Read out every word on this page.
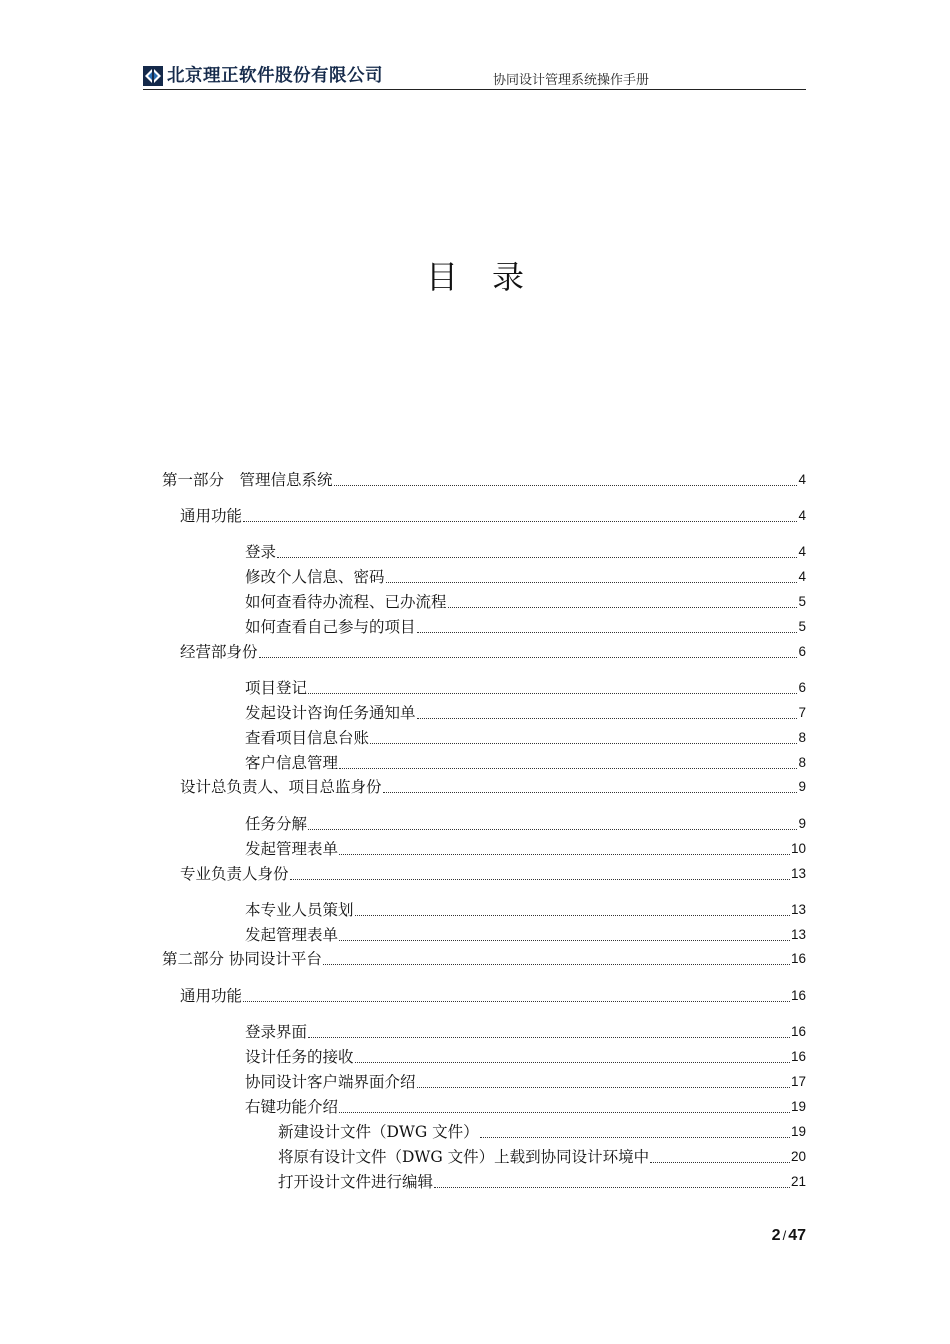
北京理正软件股份有限公司	协同设计管理系统操作手册
目录
第一部分　管理信息系统	4
通用功能	4
登录	4
修改个人信息、密码	4
如何查看待办流程、已办流程	5
如何查看自己参与的项目	5
经营部身份	6
项目登记	6
发起设计咨询任务通知单	7
查看项目信息台账	8
客户信息管理	8
设计总负责人、项目总监身份	9
任务分解	9
发起管理表单	10
专业负责人身份	13
本专业人员策划	13
发起管理表单	13
第二部分 协同设计平台	16
通用功能	16
登录界面	16
设计任务的接收	16
协同设计客户端界面介绍	17
右键功能介绍	19
新建设计文件（DWG 文件）	19
将原有设计文件（DWG 文件）上载到协同设计环境中	20
打开设计文件进行编辑	21
2 / 47
